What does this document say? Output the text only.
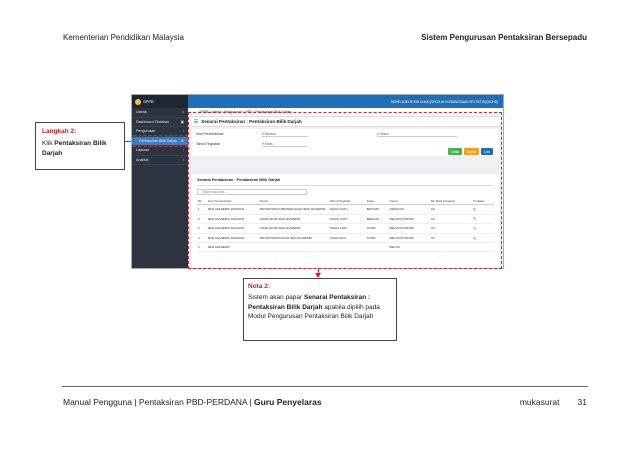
Kementerian Pendidikan Malaysia	Sistem Pengurusan Pentaksiran Bersepadu
Langkah 2:
Klik Pentaksiran Bilik Darjah
SPPB
Utama	⌂
Dashboard Tindakan	▣
Pengurusan	›
Pentaksiran Bilik Darjah ⚙
Laporan	›
Analisis	›
MOHD ADELIE BIN ALIAS [SEKOLAH KEBANGSAAN SRI SETIA] [MOHD]
⌂ SPPB › Utama › Pengurusan › PBD › Pentaksiran Bilik Darjah
☰ Senarai Pentaksiran : Pentaksiran Bilik Darjah
Sesi Persekolahan	▾ Bahasa	▾ Status
Tahun/Tingkatan	▾ Kelas
Cetak	Import	Cari
Senarai Pentaksiran : Pentaksiran Bilik Darjah
Taipe maklumat...
Bil.	Sesi Persekolahan	Aktiviti	Tahun/Tingkatan	Kelas	Status	Bil. Mata Pelajaran	Tindakan
1.	SESI AKADEMIK 2022/2023	PENTAKSIRAN PERTENGAHAN SESI AKADEMIK	TAHUN SATU	BESTARI	SEMAKAN	0/1	✎
2.	SESI AKADEMIK 2022/2023	LIDAR AKHIR SESI AKADEMIK	TAHUN SATU	BERLIAN	BELUM DITAKSIR	0/1	✎
3.	SESI AKADEMIK 2022/2023	LIDAR AKHIR SESI AKADEMIK	TAHUN LIMA	SUKIR	BELUM DITAKSIR	0/1	✎
4.	SESI AKADEMIK 2022/2023	PENTAKSIRAN AKHIR SESI AKADEMIK	TAHUN DUA	SUKIR	BELUM DITAKSIR	0/1	✎
5.	SESI AKADEMIK				BELUM		
Nota 2:
Sistem akan papar Senarai Pentaksiran : Pentaksiran Bilik Darjah apabila dipilih pada Modul Pengurusan Pentaksiran Bilik Darjah
Manual Pengguna | Pentaksiran PBD-PERDANA | Guru Penyelaras	mukasurat 31
